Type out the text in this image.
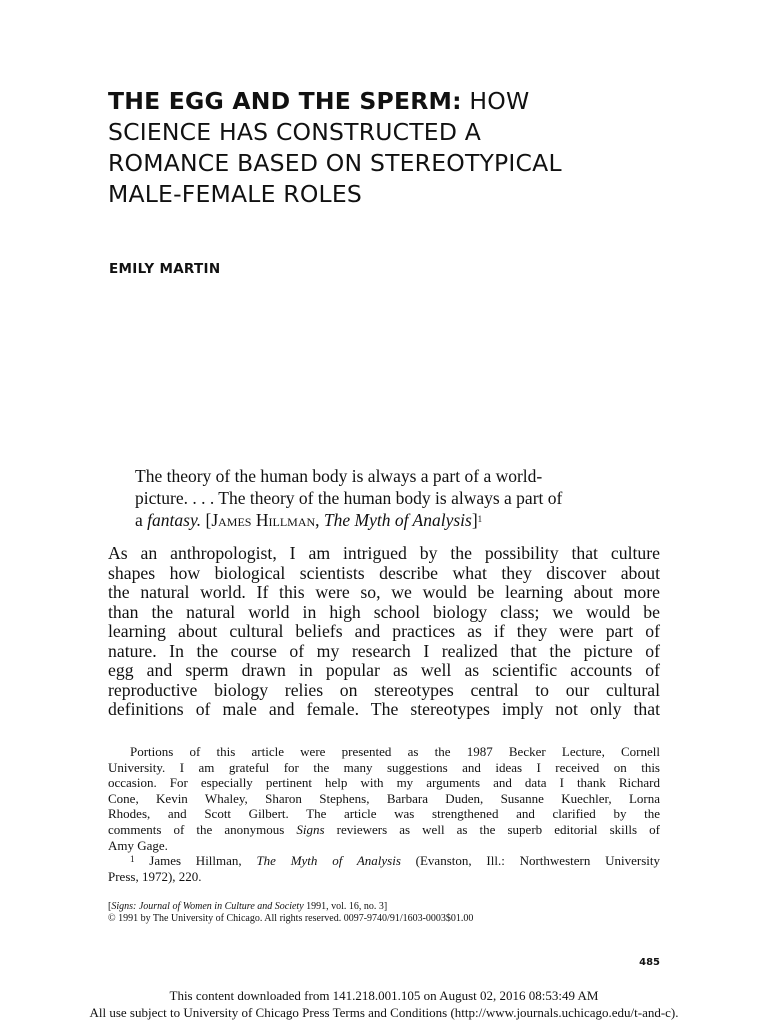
THE EGG AND THE SPERM: HOW
SCIENCE HAS CONSTRUCTED A
ROMANCE BASED ON STEREOTYPICAL
MALE-FEMALE ROLES
EMILY MARTIN
The theory of the human body is always a part of a world-
picture. . . . The theory of the human body is always a part of
a fantasy. [James Hillman, The Myth of Analysis]$^1$
As an anthropologist, I am intrigued by the possibility that culture
shapes how biological scientists describe what they discover about
the natural world. If this were so, we would be learning about more
than the natural world in high school biology class; we would be
learning about cultural beliefs and practices as if they were part of
nature. In the course of my research I realized that the picture of
egg and sperm drawn in popular as well as scientific accounts of
reproductive biology relies on stereotypes central to our cultural
definitions of male and female. The stereotypes imply not only that
Portions of this article were presented as the 1987 Becker Lecture, Cornell
University. I am grateful for the many suggestions and ideas I received on this
occasion. For especially pertinent help with my arguments and data I thank Richard
Cone, Kevin Whaley, Sharon Stephens, Barbara Duden, Susanne Kuechler, Lorna
Rhodes, and Scott Gilbert. The article was strengthened and clarified by the
comments of the anonymous Signs reviewers as well as the superb editorial skills of
Amy Gage.
$^1$ James Hillman, The Myth of Analysis (Evanston, Ill.: Northwestern University
Press, 1972), 220.
[Signs: Journal of Women in Culture and Society 1991, vol. 16, no. 3]
© 1991 by The University of Chicago. All rights reserved. 0097-9740/91/1603-0003$01.00
485
This content downloaded from 141.218.001.105 on August 02, 2016 08:53:49 AM
All use subject to University of Chicago Press Terms and Conditions (http://www.journals.uchicago.edu/t-and-c).
